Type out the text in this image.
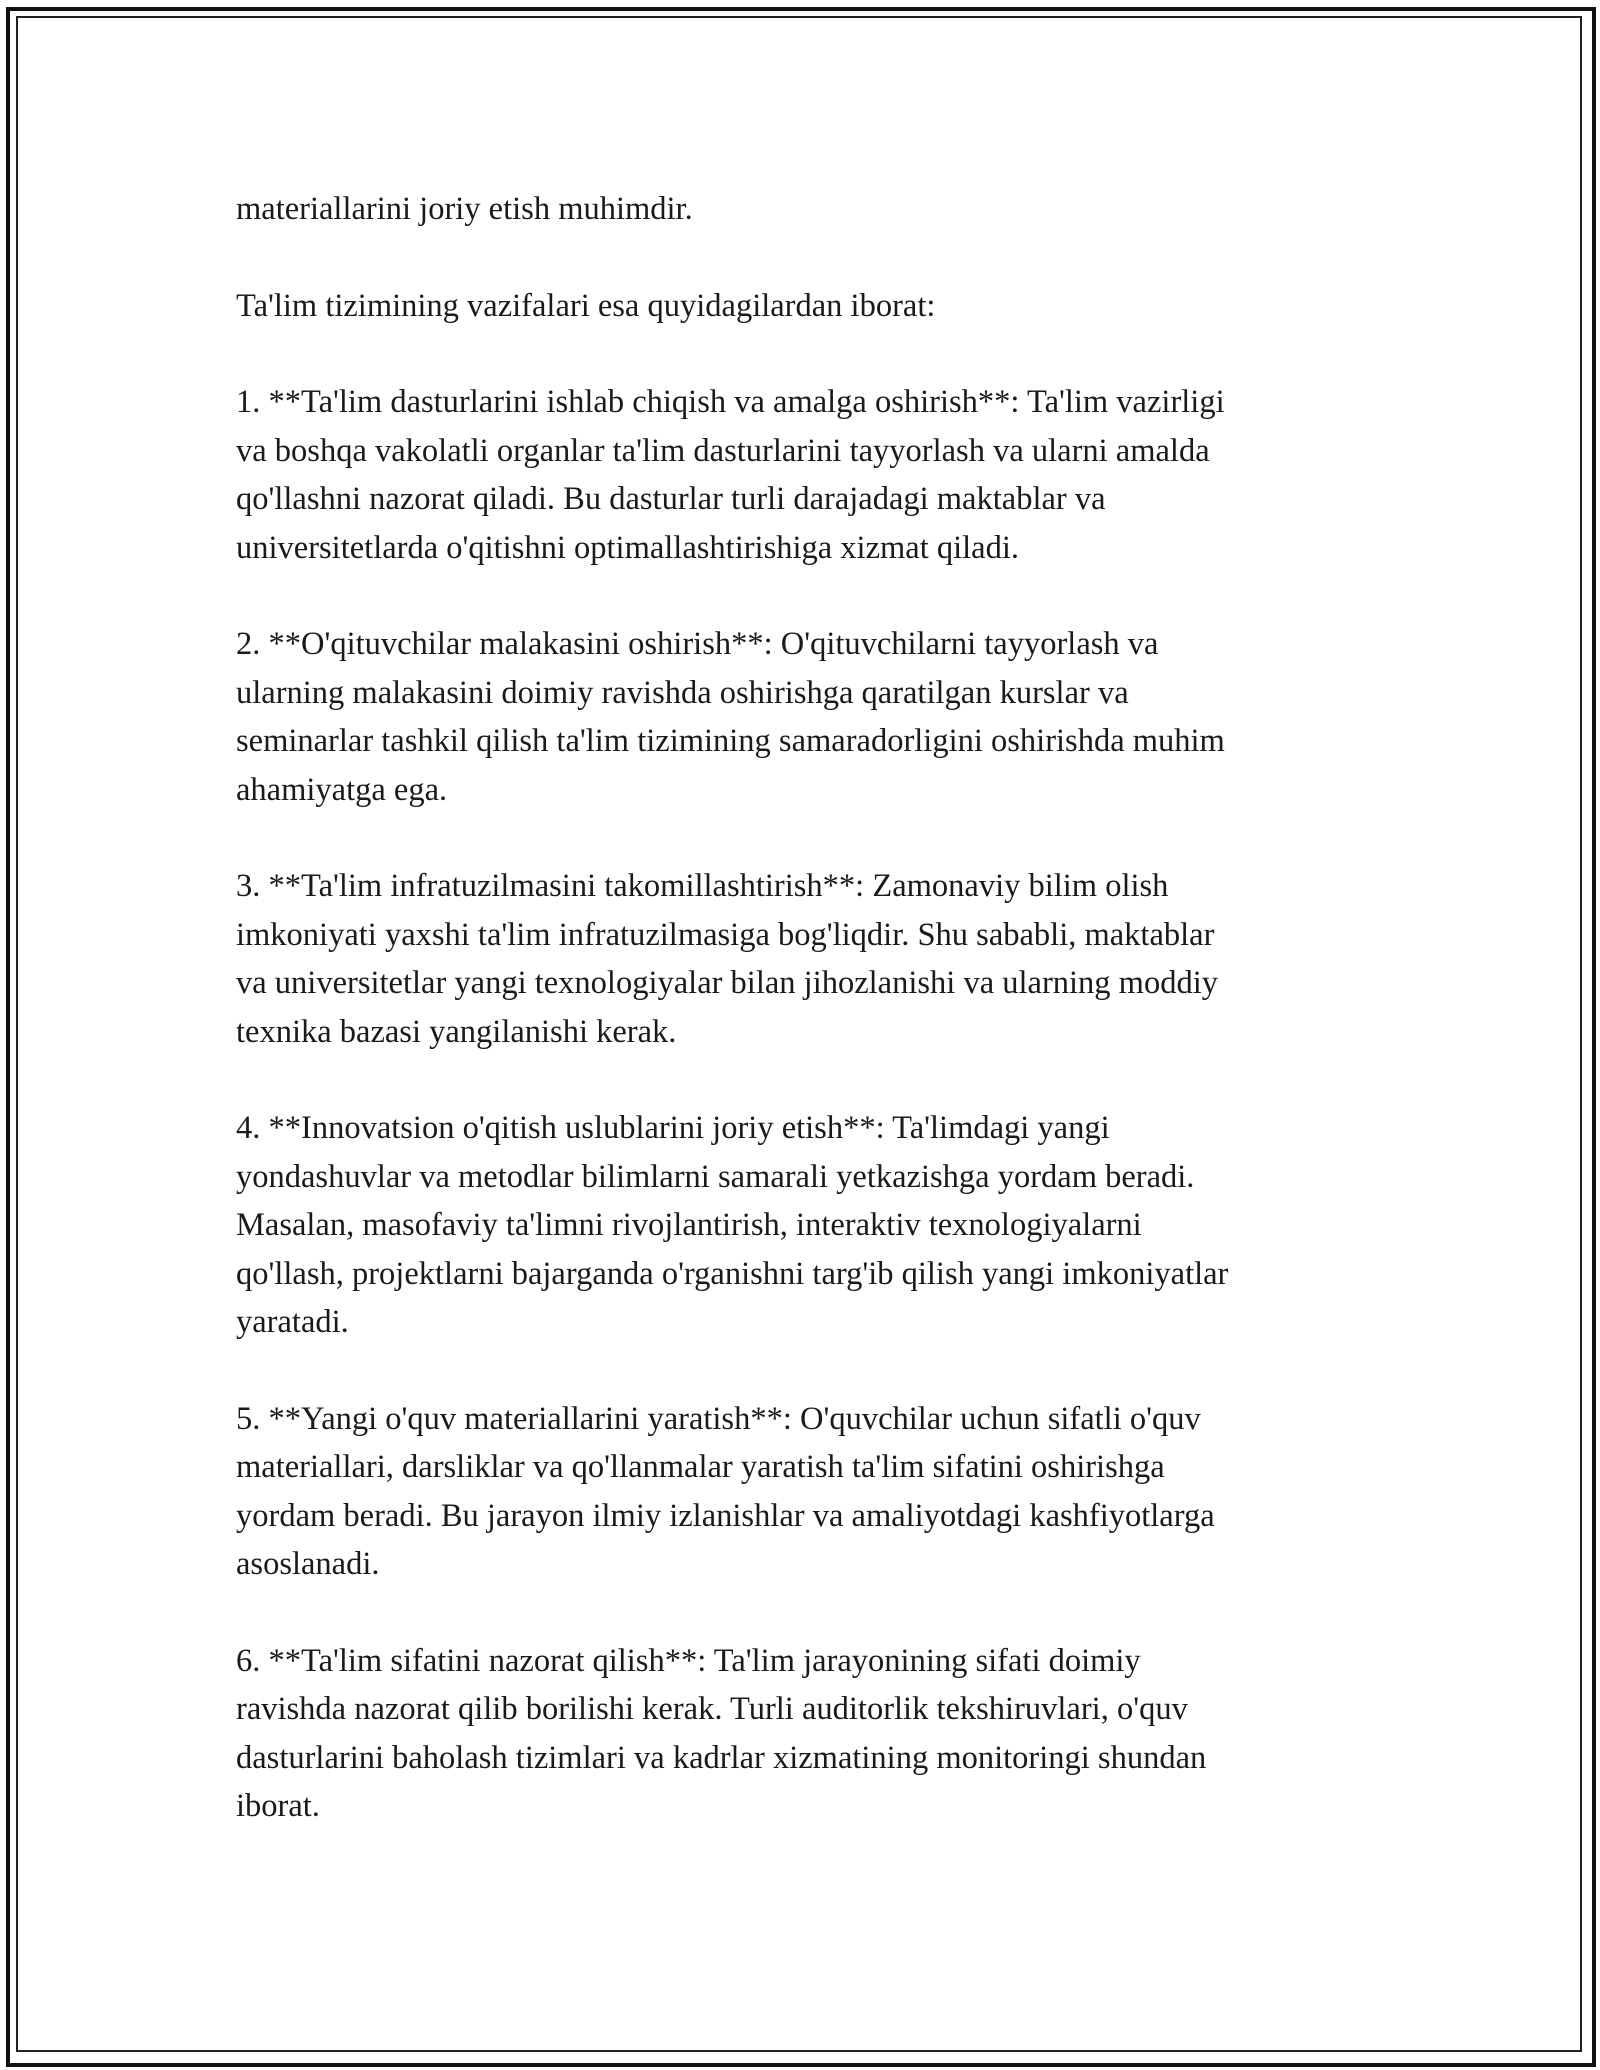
materiallarini joriy etish muhimdir.

Ta'lim tizimining vazifalari esa quyidagilardan iborat:

1. **Ta'lim dasturlarini ishlab chiqish va amalga oshirish**: Ta'lim vazirligi
va boshqa vakolatli organlar ta'lim dasturlarini tayyorlash va ularni amalda
qo'llashni nazorat qiladi. Bu dasturlar turli darajadagi maktablar va
universitetlarda o'qitishni optimallashtirishiga xizmat qiladi.

2. **O'qituvchilar malakasini oshirish**: O'qituvchilarni tayyorlash va
ularning malakasini doimiy ravishda oshirishga qaratilgan kurslar va
seminarlar tashkil qilish ta'lim tizimining samaradorligini oshirishda muhim
ahamiyatga ega.

3. **Ta'lim infratuzilmasini takomillashtirish**: Zamonaviy bilim olish
imkoniyati yaxshi ta'lim infratuzilmasiga bog'liqdir. Shu sababli, maktablar
va universitetlar yangi texnologiyalar bilan jihozlanishi va ularning moddiy
texnika bazasi yangilanishi kerak.

4. **Innovatsion o'qitish uslublarini joriy etish**: Ta'limdagi yangi
yondashuvlar va metodlar bilimlarni samarali yetkazishga yordam beradi.
Masalan, masofaviy ta'limni rivojlantirish, interaktiv texnologiyalarni
qo'llash, projektlarni bajarganda o'rganishni targ'ib qilish yangi imkoniyatlar
yaratadi.

5. **Yangi o'quv materiallarini yaratish**: O'quvchilar uchun sifatli o'quv
materiallari, darsliklar va qo'llanmalar yaratish ta'lim sifatini oshirishga
yordam beradi. Bu jarayon ilmiy izlanishlar va amaliyotdagi kashfiyotlarga
asoslanadi.

6. **Ta'lim sifatini nazorat qilish**: Ta'lim jarayonining sifati doimiy
ravishda nazorat qilib borilishi kerak. Turli auditorlik tekshiruvlari, o'quv
dasturlarini baholash tizimlari va kadrlar xizmatining monitoringi shundan
iborat.
